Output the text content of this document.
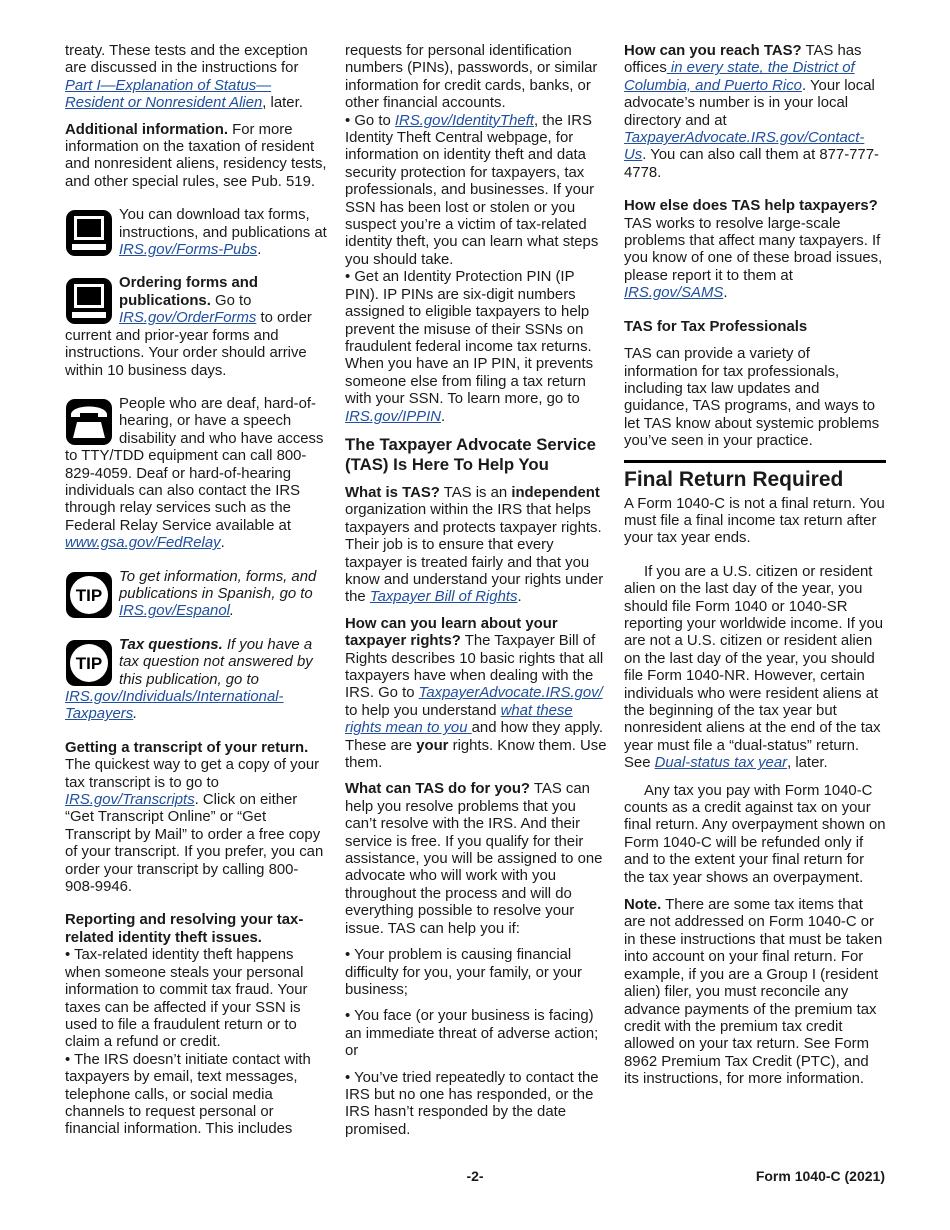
treaty. These tests and the exception are discussed in the instructions for Part I—Explanation of Status—Resident or Nonresident Alien, later.

Additional information. For more information on the taxation of resident and nonresident aliens, residency tests, and other special rules, see Pub. 519.

You can download tax forms, instructions, and publications at IRS.gov/Forms-Pubs.
Ordering forms and publications. Go to IRS.gov/OrderForms to order current and prior-year forms and instructions. Your order should arrive within 10 business days.
People who are deaf, hard-of-hearing, or have a speech disability and who have access to TTY/TDD equipment can call 800-829-4059. Deaf or hard-of-hearing individuals can also contact the IRS through relay services such as the Federal Relay Service available at www.gsa.gov/FedRelay.
TIP
To get information, forms, and publications in Spanish, go to IRS.gov/Espanol.
TIP
Tax questions. If you have a tax question not answered by this publication, go to IRS.gov/Individuals/International-Taxpayers.

Getting a transcript of your return. The quickest way to get a copy of your tax transcript is to go to IRS.gov/Transcripts. Click on either “Get Transcript Online” or “Get Transcript by Mail” to order a free copy of your transcript. If you prefer, you can order your transcript by calling 800-908-9946.

Reporting and resolving your tax-related identity theft issues.

• Tax-related identity theft happens when someone steals your personal information to commit tax fraud. Your taxes can be affected if your SSN is used to file a fraudulent return or to claim a refund or credit.

• The IRS doesn’t initiate contact with taxpayers by email, text messages, telephone calls, or social media channels to request personal or financial information. This includes

requests for personal identification numbers (PINs), passwords, or similar information for credit cards, banks, or other financial accounts.

• Go to IRS.gov/IdentityTheft, the IRS Identity Theft Central webpage, for information on identity theft and data security protection for taxpayers, tax professionals, and businesses. If your SSN has been lost or stolen or you suspect you’re a victim of tax-related identity theft, you can learn what steps you should take.

• Get an Identity Protection PIN (IP PIN). IP PINs are six-digit numbers assigned to eligible taxpayers to help prevent the misuse of their SSNs on fraudulent federal income tax returns. When you have an IP PIN, it prevents someone else from filing a tax return with your SSN. To learn more, go to IRS.gov/IPPIN.

The Taxpayer Advocate Service (TAS) Is Here To Help You

What is TAS? TAS is an independent organization within the IRS that helps taxpayers and protects taxpayer rights. Their job is to ensure that every taxpayer is treated fairly and that you know and understand your rights under the Taxpayer Bill of Rights.

How can you learn about your taxpayer rights? The Taxpayer Bill of Rights describes 10 basic rights that all taxpayers have when dealing with the IRS. Go to TaxpayerAdvocate.IRS.gov/ to help you understand what these rights mean to you and how they apply. These are your rights. Know them. Use them.

What can TAS do for you? TAS can help you resolve problems that you can’t resolve with the IRS. And their service is free. If you qualify for their assistance, you will be assigned to one advocate who will work with you throughout the process and will do everything possible to resolve your issue. TAS can help you if:

• Your problem is causing financial difficulty for you, your family, or your business;

• You face (or your business is facing) an immediate threat of adverse action; or

• You’ve tried repeatedly to contact the IRS but no one has responded, or the IRS hasn’t responded by the date promised.

How can you reach TAS? TAS has offices in every state, the District of Columbia, and Puerto Rico. Your local advocate’s number is in your local directory and at TaxpayerAdvocate.IRS.gov/Contact-Us. You can also call them at 877-777-4778.

How else does TAS help taxpayers? TAS works to resolve large-scale problems that affect many taxpayers. If you know of one of these broad issues, please report it to them at IRS.gov/SAMS.

TAS for Tax Professionals

TAS can provide a variety of information for tax professionals, including tax law updates and guidance, TAS programs, and ways to let TAS know about systemic problems you’ve seen in your practice.

Final Return Required

A Form 1040-C is not a final return. You must file a final income tax return after your tax year ends.

If you are a U.S. citizen or resident alien on the last day of the year, you should file Form 1040 or 1040-SR reporting your worldwide income. If you are not a U.S. citizen or resident alien on the last day of the year, you should file Form 1040-NR. However, certain individuals who were resident aliens at the beginning of the tax year but nonresident aliens at the end of the tax year must file a “dual-status” return. See Dual-status tax year, later.

Any tax you pay with Form 1040-C counts as a credit against tax on your final return. Any overpayment shown on Form 1040-C will be refunded only if and to the extent your final return for the tax year shows an overpayment.

Note. There are some tax items that are not addressed on Form 1040-C or in these instructions that must be taken into account on your final return. For example, if you are a Group I (resident alien) filer, you must reconcile any advance payments of the premium tax credit with the premium tax credit allowed on your tax return. See Form 8962 Premium Tax Credit (PTC), and its instructions, for more information.

-2-	Form 1040-C (2021)
